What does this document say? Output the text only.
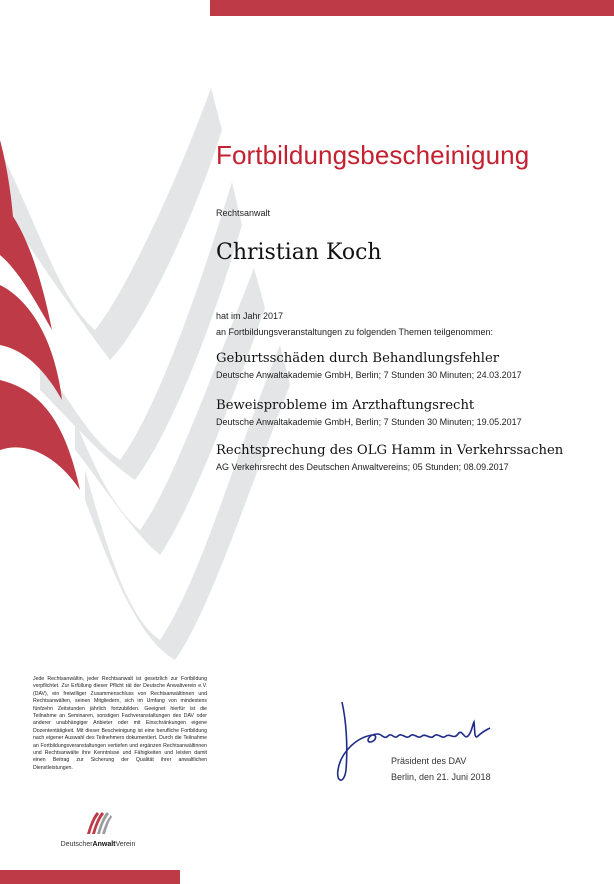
Fortbildungsbescheinigung
Rechtsanwalt
Christian Koch
hat im Jahr 2017
an Fortbildungsveranstaltungen zu folgenden Themen teilgenommen:
Geburtsschäden durch Behandlungsfehler
Deutsche Anwaltakademie GmbH, Berlin; 7 Stunden 30 Minuten; 24.03.2017
Beweisprobleme im Arzthaftungsrecht
Deutsche Anwaltakademie GmbH, Berlin; 7 Stunden 30 Minuten; 19.05.2017
Rechtsprechung des OLG Hamm in Verkehrssachen
AG Verkehrsrecht des Deutschen Anwaltvereins; 05 Stunden; 08.09.2017
Jede Rechtsanwältin, jeder Rechtsanwalt ist gesetzlich zur Fortbildung verpflichtet. Zur Erfüllung dieser Pflicht rät der Deutsche Anwaltverein e.V. (DAV), ein freiwilliger Zusammenschluss von Rechtsanwältinnen und Rechtsanwälten, seinen Mitgliedern, sich im Umfang von mindestens fünfzehn Zeitstunden jährlich fortzubilden. Geeignet hierfür ist die Teilnahme an Seminaren, sonstigen Fachveranstaltungen des DAV oder anderer unabhängiger Anbieter oder mit Einschränkungen eigene Dozententätigkeit. Mit dieser Bescheinigung ist eine berufliche Fortbildung nach eigener Auswahl des Teilnehmers dokumentiert. Durch die Teilnahme an Fortbildungsveranstaltungen vertiefen und ergänzen Rechtsanwältinnen und Rechtsanwälte ihre Kenntnisse und Fähigkeiten und leisten damit einen Beitrag zur Sicherung der Qualität ihrer anwaltlichen Dienstleistungen.
DeutscherAnwaltVerein
Präsident des DAV
Berlin, den 21. Juni 2018
